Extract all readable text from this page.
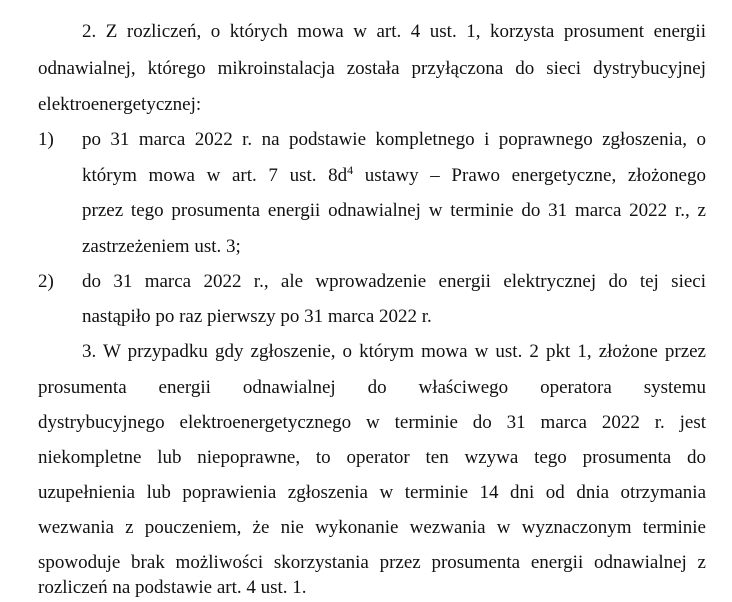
2. Z rozliczeń, o których mowa w art. 4 ust. 1, korzysta prosument energii
odnawialnej, którego mikroinstalacja została przyłączona do sieci dystrybucyjnej
elektroenergetycznej:
1) po 31 marca 2022 r. na podstawie kompletnego i poprawnego zgłoszenia, o
którym mowa w art. 7 ust. $8d^4$ ustawy – Prawo energetyczne, złożonego
przez tego prosumenta energii odnawialnej w terminie do 31 marca 2022 r., z
zastrzeżeniem ust. 3;
2) do 31 marca 2022 r., ale wprowadzenie energii elektrycznej do tej sieci
nastąpiło po raz pierwszy po 31 marca 2022 r.
3. W przypadku gdy zgłoszenie, o którym mowa w ust. 2 pkt 1, złożone przez
prosumenta energii odnawialnej do właściwego operatora systemu
dystrybucyjnego elektroenergetycznego w terminie do 31 marca 2022 r. jest
niekompletne lub niepoprawne, to operator ten wzywa tego prosumenta do
uzupełnienia lub poprawienia zgłoszenia w terminie 14 dni od dnia otrzymania
wezwania z pouczeniem, że nie wykonanie wezwania w wyznaczonym terminie
spowoduje brak możliwości skorzystania przez prosumenta energii odnawialnej z
rozliczeń na podstawie art. 4 ust. 1.
